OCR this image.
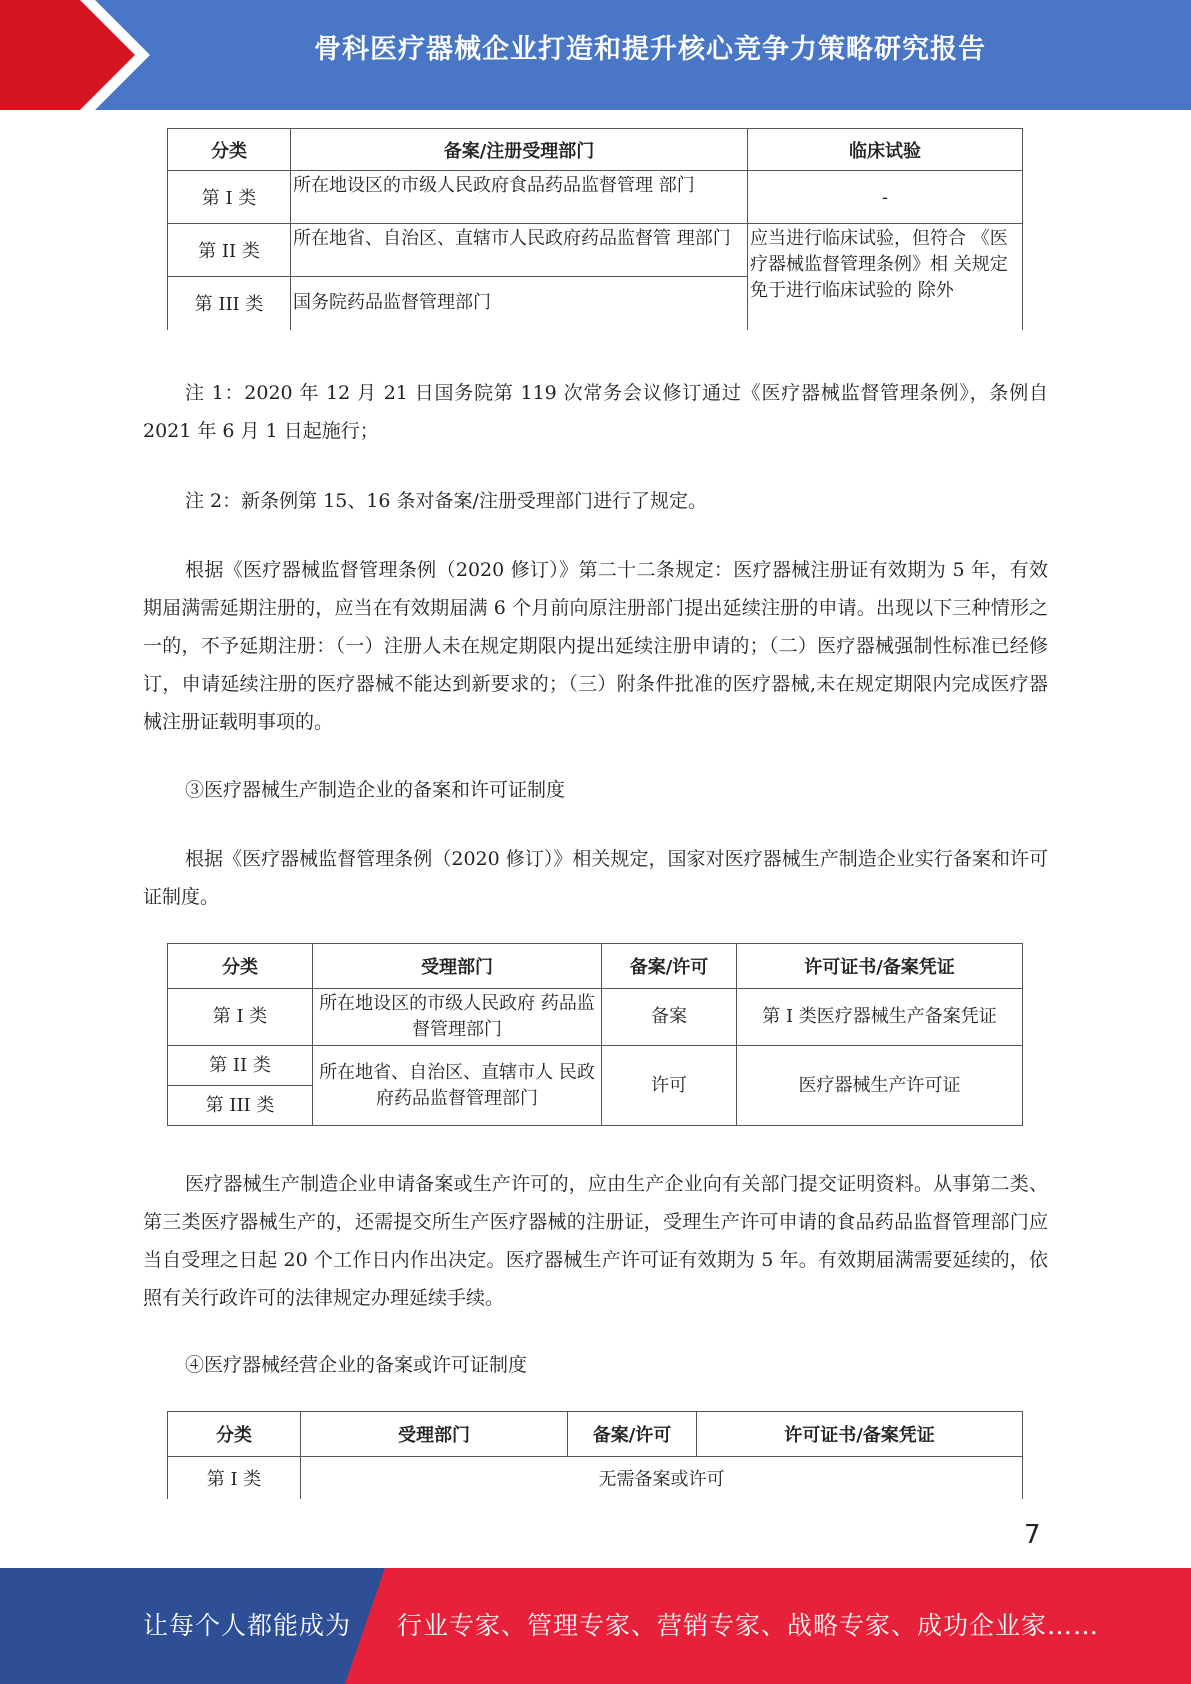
骨科医疗器械企业打造和提升核心竞争力策略研究报告
分类	备案/注册受理部门	临床试验
第 I 类	所在地设区的市级人民政府食品药品监督管理 部门	-
第 II 类	所在地省、自治区、直辖市人民政府药品监督管 理部门	应当进行临床试验，但符合 《医疗器械监督管理条例》相 关规定免于进行临床试验的 除外
第 III 类	国务院药品监督管理部门	
注 1：2020 年 12 月 21 日国务院第 119 次常务会议修订通过《医疗器械监督管理条例》，条例自 2021 年 6 月 1 日起施行；
注 2：新条例第 15、16 条对备案/注册受理部门进行了规定。
根据《医疗器械监督管理条例（2020 修订）》第二十二条规定：医疗器械注册证有效期为 5 年，有效期届满需延期注册的，应当在有效期届满 6 个月前向原注册部门提出延续注册的申请。出现以下三种情形之一的，不予延期注册：（一）注册人未在规定期限内提出延续注册申请的；（二）医疗器械强制性标准已经修订，申请延续注册的医疗器械不能达到新要求的；（三）附条件批准的医疗器械,未在规定期限内完成医疗器械注册证载明事项的。
③医疗器械生产制造企业的备案和许可证制度
根据《医疗器械监督管理条例（2020 修订）》相关规定，国家对医疗器械生产制造企业实行备案和许可证制度。
分类	受理部门	备案/许可	许可证书/备案凭证
第 I 类	所在地设区的市级人民政府 药品监督管理部门	备案	第 I 类医疗器械生产备案凭证
第 II 类	所在地省、自治区、直辖市人 民政府药品监督管理部门	许可	医疗器械生产许可证
第 III 类			
医疗器械生产制造企业申请备案或生产许可的，应由生产企业向有关部门提交证明资料。从事第二类、第三类医疗器械生产的，还需提交所生产医疗器械的注册证，受理生产许可申请的食品药品监督管理部门应当自受理之日起 20 个工作日内作出决定。医疗器械生产许可证有效期为 5 年。有效期届满需要延续的，依照有关行政许可的法律规定办理延续手续。
④医疗器械经营企业的备案或许可证制度
分类	受理部门	备案/许可	许可证书/备案凭证
第 I 类	无需备案或许可		
7
让每个人都能成为 行业专家、管理专家、营销专家、战略专家、成功企业家……
